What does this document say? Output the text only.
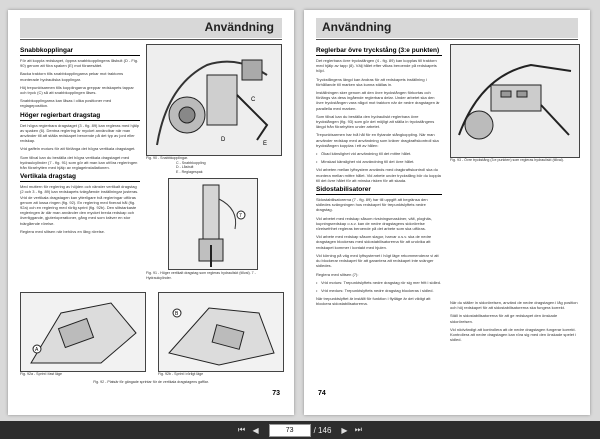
Användning
Snabbkopplingar

För att koppla redskapet, öppna snabbkopplingens låsbult (D - Fig. 90) genom att föra spaken (E) mot föraresätet.

Backa traktorn tills snabbkopplingarna pekar mot traktorns monterade hydrauliska kopplingar.

Höj trepunktsarmen tills kopplingarna greppar redskapets tappar och tryck (C) så att snabbkopplingen låses.

Snabbkopplingarna kan låsas i olika positioner med reglageposition.

Höger regierbart dragstag

Det högra regierbara dragstaget (3 - fig. 89) kan regleras med hjälp av spaken (6). Dentna reglering är mycket användbar när man använder till att ställa redskapet beroende på det typ av jord eller redskap.

Vrid gaffeln moturs för att förlänga det högra vertikala dragstaget.

Som tillval kan du beställa det högra vertikala dragstaget med hydraulcylinder (7 - fig. 91) som gör att man kan utföra regleringen från förarhytten med hjälp av reglageinstallationen.

Vertikala dragstag

Med muttern för reglering av höjden och vänster vertikalt dragstag (2 och 3 - fig. 89) kan redskapets tvärgående inställningar justeras. Vrid de vertikala dragstagen kan ytterligare två regleringar utföras genom att lossa ringen (fig. 92). En reglering med fixerad hål (fig. 92a) och en reglering med rörlig sprint (fig. 92b). Den slitstarkaste regleringen är där man använder den mycket breda redskap och överliggande, gjuterioperationer, gång med som kräver en stor tvärgående rörelse.

Reglera med slitsen när behövs en lång rörelse.

C
D
E
Fig. 90 - Snabbkopplingar.
C - Snabbkoppling
D - Låsbult
E - Reglagespak
7
Fig. 91 - Höger vertikalt dragstag som regleras hydrauliskt (tillval). 7 - Hydraulcylinder.
A
B
Fig. 92a - Sprint i fast läge	Fig. 92b - Sprint i rörligt läge
Fig. 92 - Platsär för gängade sprintar för de vertikala dragstagens gafflar.
73
Användning
Reglerbar övre tryckstång (3:e punkten)

Det reglerbara övre tryckstången (4 - fig. 89) kan kopplas till traktorn med hjälp av tapp (8). Välj hålet efter vilkas beroende på redskapets höjd.

Tryckstångens längd kan ändras för att redskapets inställning i förhållande till marken ska kunna ställas in.

Inställningen sker genom att den övre tryckstången förkortas och förlängs via dess ingående reglerbara delar. Under arbetet ska den övre tryckstången vara något mot traktorn när de nedre dragstagen är parallella med marken.

Som tillval kan du beställa den hydrauliskt reglerbara övre tryckstången (fig. 93) som gör det möjligt att ställa in tryckstångens längd från förarhytten under arbetet.

Trepunktsarmen har två hål för en flytande stångkoppling. När man använder redskap med användning som kräver dragkraftskontroll ska tryckstången kopplas i ett av hålen:

• Ökad känslighet vid användning till det mittre hålet.

• Minskad känslighet vid användning till det övre hålet.

Vid arbeten mellan lyftsystem används med dragkraftskontroll ska du montera mellan mittre hålet. Vid arbete under tryckstång bör du koppla till det övre hålet för att minska risken för att skada.

Sidostabilisatorer

Sidostabilisatorerna (7 - fig. 89) har till uppgift att begränsa den sidledes svängningen hos redskapet för trepunktslyftets nedre dragstag.

Vid arbetet med redskap såsom rivsiningsmaskiner, vält, ploghäs, kupningsredskap o.s.v. kan de nedre dragstagens sidorörelse röreisefrihet regleras beroende på det arbete som ska utföras.

Vid arbete med redskap såsom slagor, harvar o.s.v. ska de nedre dragstagen blockeras med sidostabilisatorerna för att undvika att redskapet kommer i kontakt med hjulen.

Vid körning på väg med lyftsystemet i högt läge rekommenderar vi att du blockerar redskapet för att garantera att redskapet inte svänger sidledes.

Reglera med slitsen (7):

• Vrid moturs: Trepunktslyftets nedre dragstag rör sig mer fritt i sidled.

• Vrid medurs: Trepunktslyftets nedre dragstag blockeras i sidled.

När trepunktslyftet är inställt för funktion i flytläge är det viktigt att blockera sidostabilisatorerna.

Fig. 93 - Övre tryckstång (3:e punkten) som regleras hydrauliskt (tillval).

När du ställer in sidorörelsen, använd de nedre dragstagen i låg position och höj redskapet för att sidostabilisatorerna ska fungera korrekt.

Ställ in sidostabilisatorerna för att ge redskapet den önskade sidorörelsen.

Vid nödvändigt att kontrollera att de nedre dragstagen fungerar korrekt. Kontrollera att nedre dragstagen kan röra sig med den önskade spelet i sidled.

74
⏮ ◀	73	/ 146	▶ ⏭
